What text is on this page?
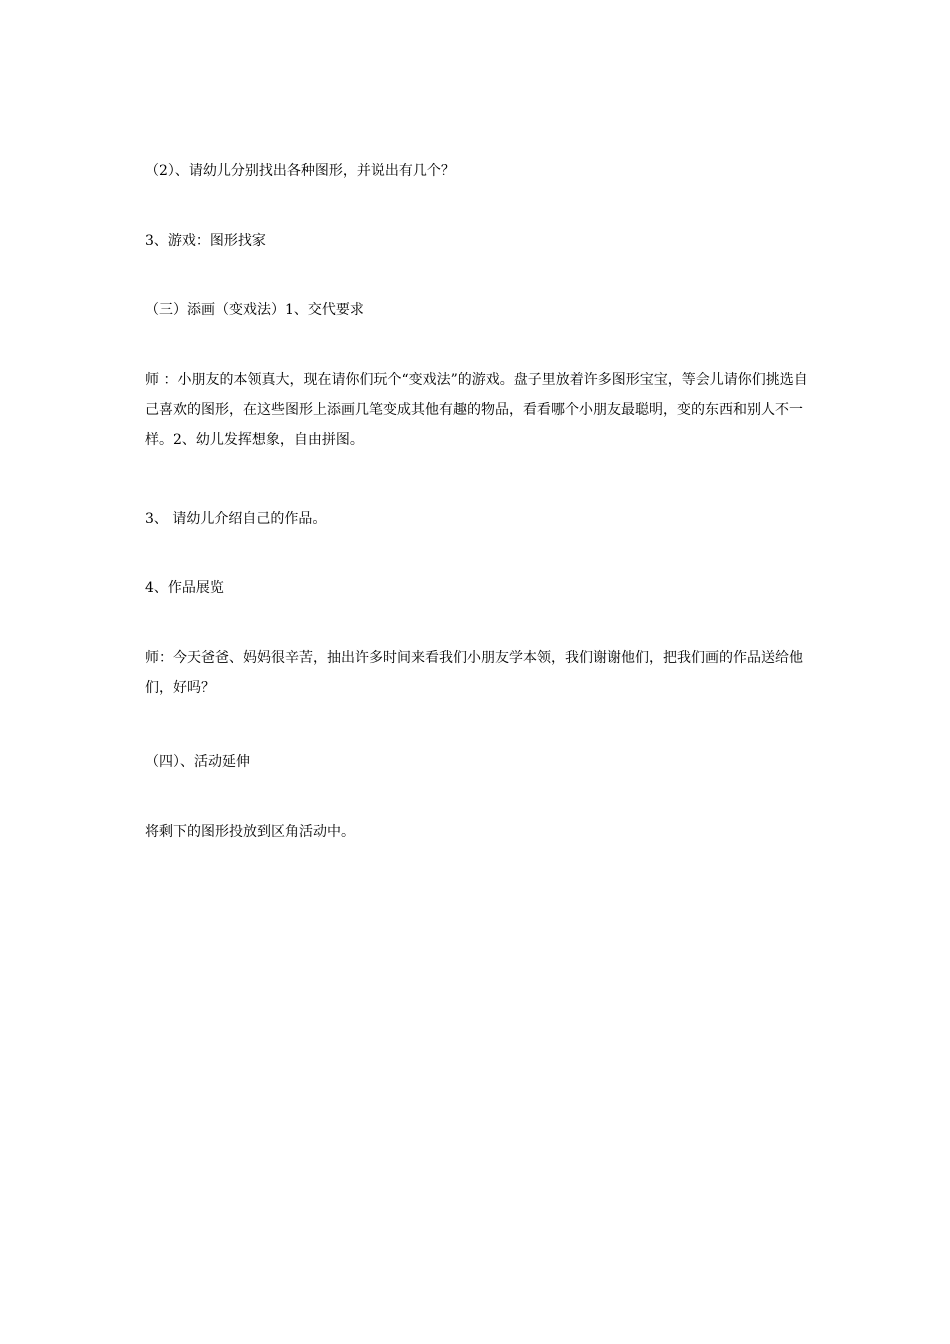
（2）、请幼儿分别找出各种图形，并说出有几个？

3、游戏：图形找家

（三）添画（变戏法）1、交代要求

师 ：小朋友的本领真大，现在请你们玩个“变戏法”的游戏。盘子里放着许多图形宝宝，等会儿请你们挑选自己喜欢的图形，在这些图形上添画几笔变成其他有趣的物品，看看哪个小朋友最聪明，变的东西和别人不一样。2、幼儿发挥想象，自由拼图。

3、 请幼儿介绍自己的作品。

4、作品展览

师：今天爸爸、妈妈很辛苦，抽出许多时间来看我们小朋友学本领，我们谢谢他们，把我们画的作品送给他们，好吗？

（四）、活动延伸

将剩下的图形投放到区角活动中。
